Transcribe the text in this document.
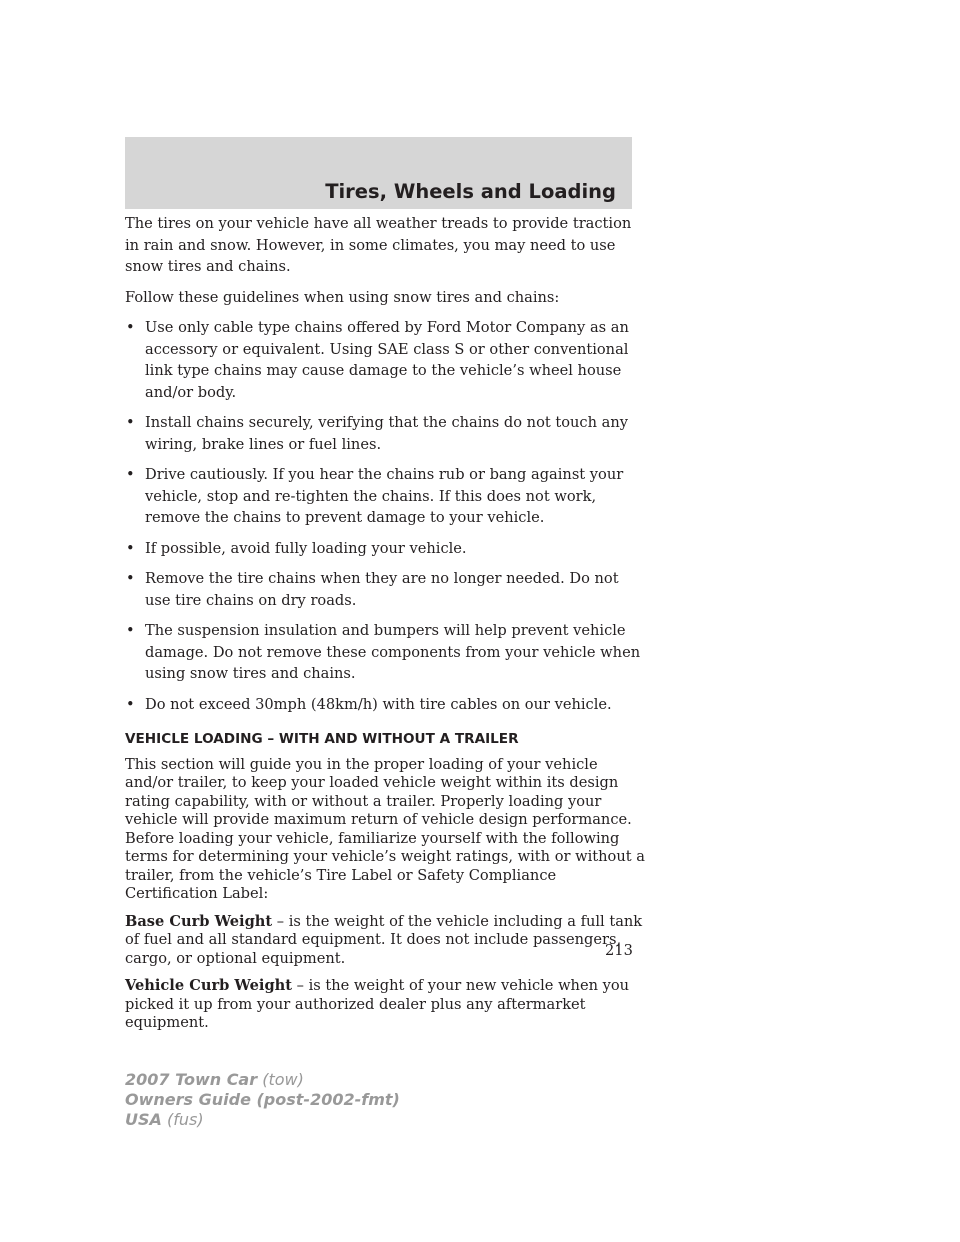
Tires, Wheels and Loading

The tires on your vehicle have all weather treads to provide traction in rain and snow. However, in some climates, you may need to use snow tires and chains.

Follow these guidelines when using snow tires and chains:

• Use only cable type chains offered by Ford Motor Company as an accessory or equivalent. Using SAE class S or other conventional link type chains may cause damage to the vehicle’s wheel house and/or body.
• Install chains securely, verifying that the chains do not touch any wiring, brake lines or fuel lines.
• Drive cautiously. If you hear the chains rub or bang against your vehicle, stop and re-tighten the chains. If this does not work, remove the chains to prevent damage to your vehicle.
• If possible, avoid fully loading your vehicle.
• Remove the tire chains when they are no longer needed. Do not use tire chains on dry roads.
• The suspension insulation and bumpers will help prevent vehicle damage. Do not remove these components from your vehicle when using snow tires and chains.
• Do not exceed 30mph (48km/h) with tire cables on our vehicle.
VEHICLE LOADING – WITH AND WITHOUT A TRAILER

This section will guide you in the proper loading of your vehicle and/or trailer, to keep your loaded vehicle weight within its design rating capability, with or without a trailer. Properly loading your vehicle will provide maximum return of vehicle design performance. Before loading your vehicle, familiarize yourself with the following terms for determining your vehicle’s weight ratings, with or without a trailer, from the vehicle’s Tire Label or Safety Compliance Certification Label:

Base Curb Weight – is the weight of the vehicle including a full tank of fuel and all standard equipment. It does not include passengers, cargo, or optional equipment.

Vehicle Curb Weight – is the weight of your new vehicle when you picked it up from your authorized dealer plus any aftermarket equipment.

213
2007 Town Car (tow)
Owners Guide (post-2002-fmt)
USA (fus)
